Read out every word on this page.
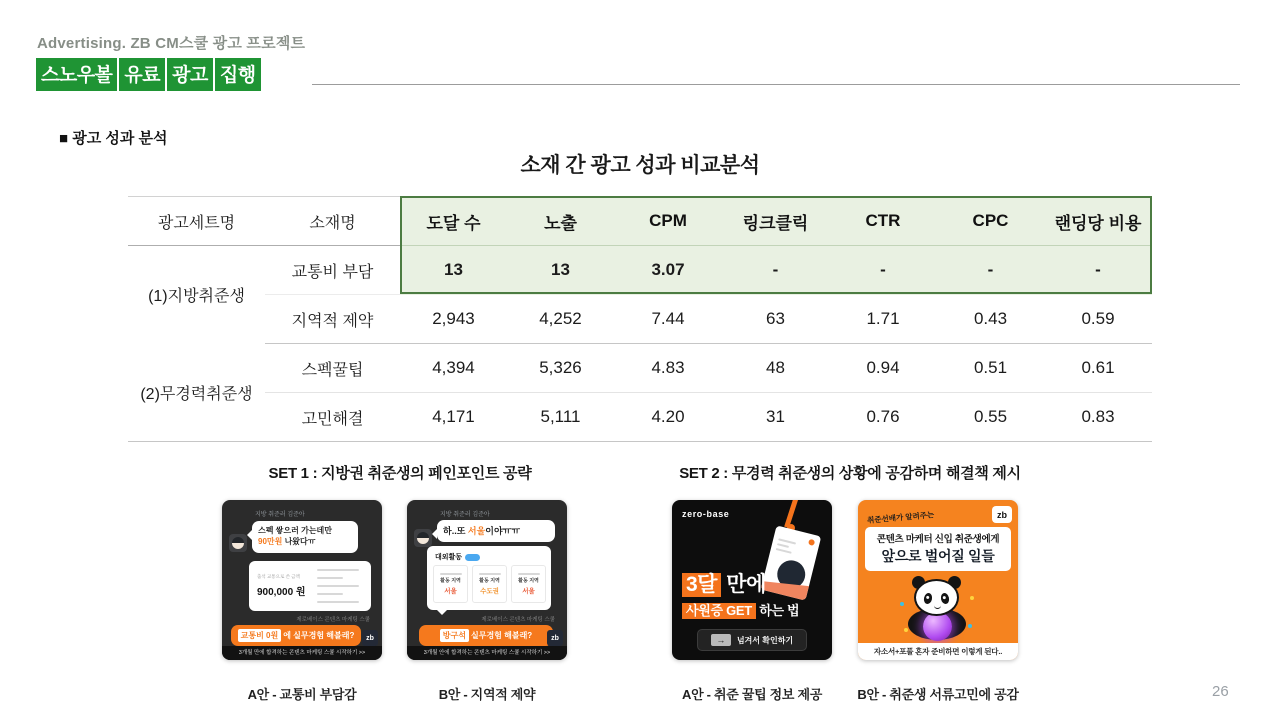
Advertising. ZB CM스쿨 광고 프로젝트
스노우볼 유료 광고 집행
■ 광고 성과 분석
소재 간 광고 성과 비교분석
광고세트명	소재명	도달 수	노출	CPM	링크클릭	CTR	CPC	랜딩당 비용
(1)지방취준생	교통비 부담	13	13	3.07	-	-	-	-
	지역적 제약	2,943	4,252	7.44	63	1.71	0.43	0.59
(2)무경력취준생	스펙꿀팁	4,394	5,326	4.83	48	0.94	0.51	0.61
	고민해결	4,171	5,111	4.20	31	0.76	0.55	0.83
SET 1 : 지방권 취준생의 페인포인트 공략	SET 2 : 무경력 취준생의 상황에 공감하며 해결책 제시
지방 취준러 김준아
스펙 쌓으러 가는데만
90만원 나왔다ㅠ
출석 교통으로 쓴 금액
900,000 원
제로베이스 콘텐츠 마케팅 스쿨
교통비 0원 에 실무경험 해볼래?	zb
3개월 만에 합격하는 콘텐츠 마케팅 스쿨 시작하기 >>
지방 취준러 김준아
하..또 서울이야ㅠㅠ
대외활동
활동 지역
서울
활동 지역
수도권
활동 지역
서울
제로베이스 콘텐츠 마케팅 스쿨
방구석 실무경험 해볼래?	zb
3개월 안에 합격하는 콘텐츠 마케팅 스쿨 시작하기 >>
zero-base
3달 만에
사원증 GET 하는 법
→	넘겨서 확인하기
취준선배가 알려주는	zb
콘텐츠 마케터 신입 취준생에게
앞으로 벌어질 일들
자소서+포풀 혼자 준비하면 이렇게 된다..
A안 - 교통비 부담감	B안 - 지역적 제약	A안 - 취준 꿀팁 정보 제공	B안 - 취준생 서류고민에 공감	26
